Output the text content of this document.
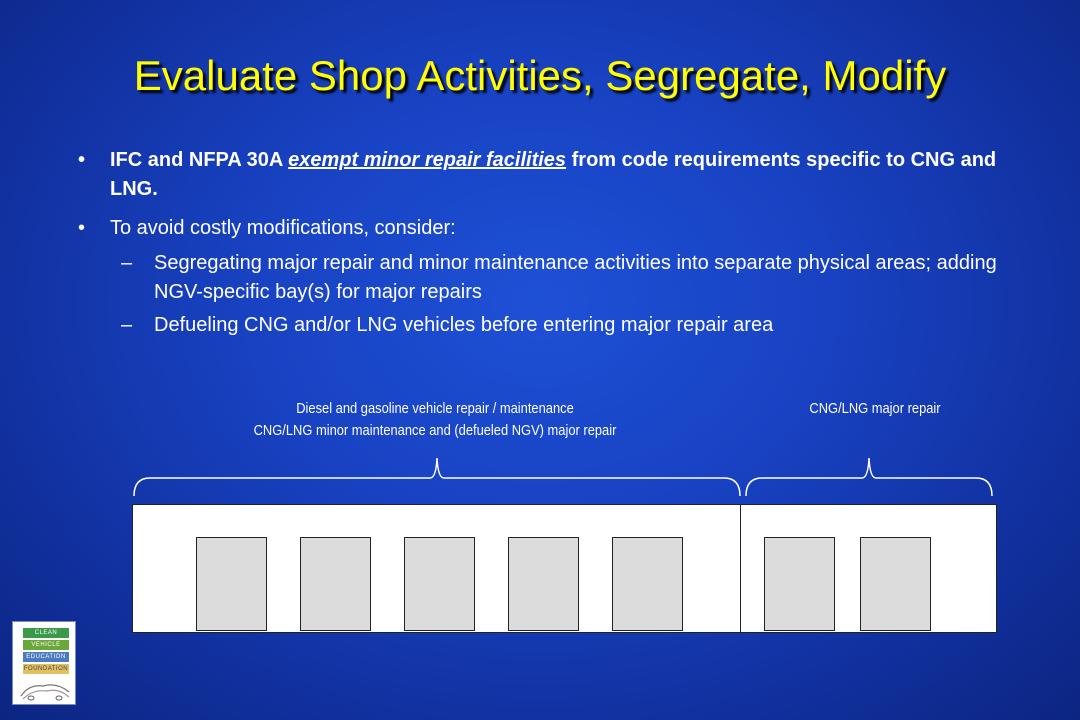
Evaluate Shop Activities, Segregate, Modify
• IFC and NFPA 30A exempt minor repair facilities from code requirements specific to CNG and LNG.
• To avoid costly modifications, consider:
– Segregating major repair and minor maintenance activities into separate physical areas; adding NGV-specific bay(s) for major repairs
– Defueling CNG and/or LNG vehicles before entering major repair area
Diesel and gasoline vehicle repair / maintenance
CNG/LNG minor maintenance and (defueled NGV) major repair
CNG/LNG major repair
CLEAN
VEHICLE
EDUCATION
FOUNDATION
